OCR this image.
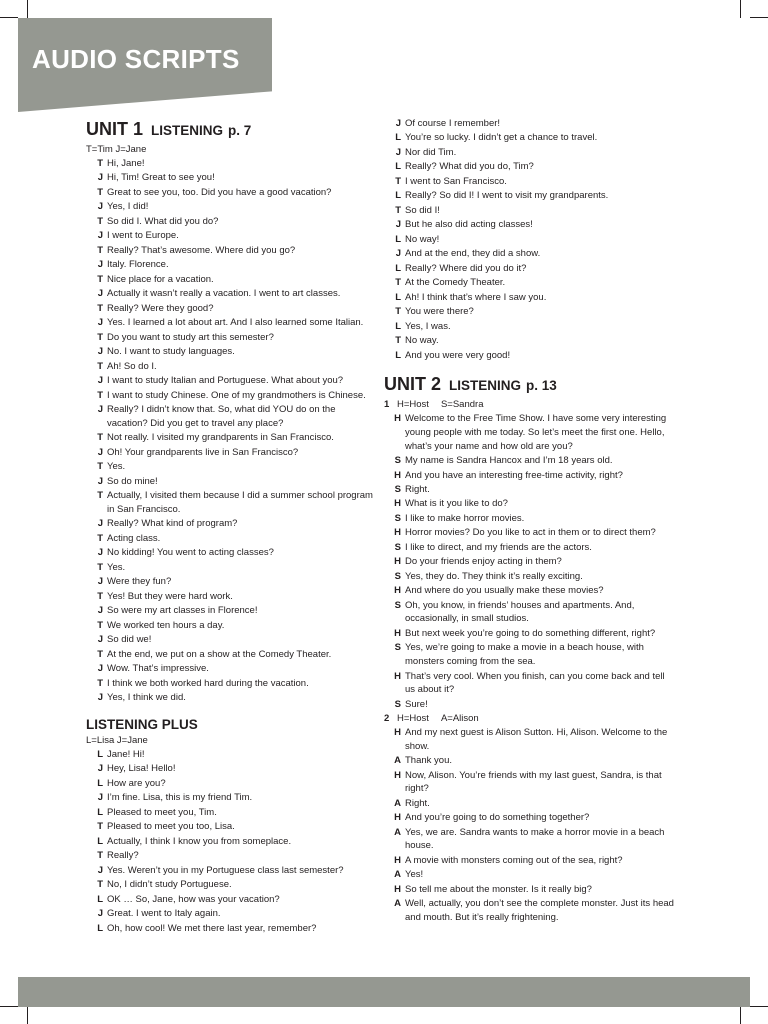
AUDIO SCRIPTS
UNIT 1 LISTENING p. 7
T=Tim J=Jane
T Hi, Jane!
J Hi, Tim! Great to see you!
T Great to see you, too. Did you have a good vacation?
J Yes, I did!
T So did I. What did you do?
J I went to Europe.
T Really? That’s awesome. Where did you go?
J Italy. Florence.
T Nice place for a vacation.
J Actually it wasn’t really a vacation. I went to art classes.
T Really? Were they good?
J Yes. I learned a lot about art. And I also learned some Italian.
T Do you want to study art this semester?
J No. I want to study languages.
T Ah! So do I.
J I want to study Italian and Portuguese. What about you?
T I want to study Chinese. One of my grandmothers is Chinese.
J Really? I didn’t know that. So, what did YOU do on the vacation? Did you get to travel any place?
T Not really. I visited my grandparents in San Francisco.
J Oh! Your grandparents live in San Francisco?
T Yes.
J So do mine!
T Actually, I visited them because I did a summer school program in San Francisco.
J Really? What kind of program?
T Acting class.
J No kidding! You went to acting classes?
T Yes.
J Were they fun?
T Yes! But they were hard work.
J So were my art classes in Florence!
T We worked ten hours a day.
J So did we!
T At the end, we put on a show at the Comedy Theater.
J Wow. That’s impressive.
T I think we both worked hard during the vacation.
J Yes, I think we did.
LISTENING PLUS
L=Lisa J=Jane
L Jane! Hi!
J Hey, Lisa! Hello!
L How are you?
J I’m fine. Lisa, this is my friend Tim.
L Pleased to meet you, Tim.
T Pleased to meet you too, Lisa.
L Actually, I think I know you from someplace.
T Really?
J Yes. Weren’t you in my Portuguese class last semester?
T No, I didn’t study Portuguese.
L OK … So, Jane, how was your vacation?
J Great. I went to Italy again.
L Oh, how cool! We met there last year, remember?
J Of course I remember!
L You’re so lucky. I didn’t get a chance to travel.
J Nor did Tim.
L Really? What did you do, Tim?
T I went to San Francisco.
L Really? So did I! I went to visit my grandparents.
T So did I!
J But he also did acting classes!
L No way!
J And at the end, they did a show.
L Really? Where did you do it?
T At the Comedy Theater.
L Ah! I think that’s where I saw you.
T You were there?
L Yes, I was.
T No way.
L And you were very good!
UNIT 2 LISTENING p. 13
1 H=Host S=Sandra
H Welcome to the Free Time Show. I have some very interesting young people with me today. So let’s meet the first one. Hello, what’s your name and how old are you?
S My name is Sandra Hancox and I’m 18 years old.
H And you have an interesting free-time activity, right?
S Right.
H What is it you like to do?
S I like to make horror movies.
H Horror movies? Do you like to act in them or to direct them?
S I like to direct, and my friends are the actors.
H Do your friends enjoy acting in them?
S Yes, they do. They think it’s really exciting.
H And where do you usually make these movies?
S Oh, you know, in friends’ houses and apartments. And, occasionally, in small studios.
H But next week you’re going to do something different, right?
S Yes, we’re going to make a movie in a beach house, with monsters coming from the sea.
H That’s very cool. When you finish, can you come back and tell us about it?
S Sure!
2 H=Host A=Alison
H And my next guest is Alison Sutton. Hi, Alison. Welcome to the show.
A Thank you.
H Now, Alison. You’re friends with my last guest, Sandra, is that right?
A Right.
H And you’re going to do something together?
A Yes, we are. Sandra wants to make a horror movie in a beach house.
H A movie with monsters coming out of the sea, right?
A Yes!
H So tell me about the monster. Is it really big?
A Well, actually, you don’t see the complete monster. Just its head and mouth. But it’s really frightening.
